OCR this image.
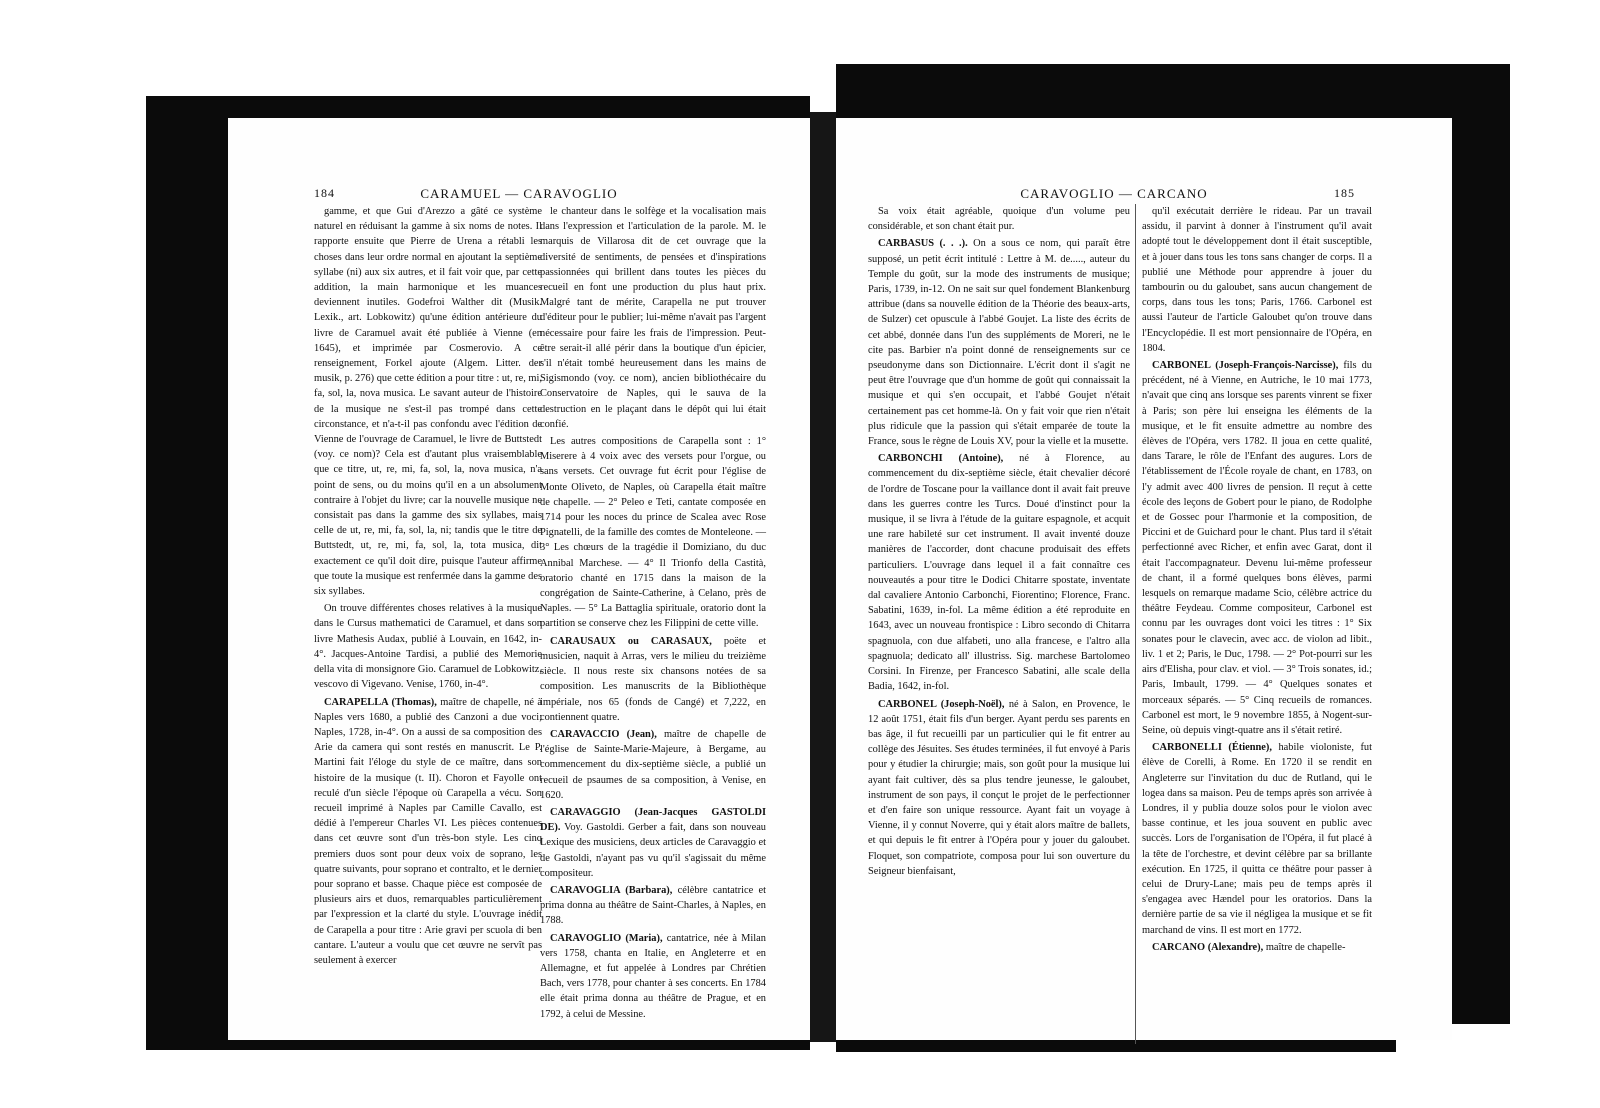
184	CARAMUEL — CARAVOGLIO

gamme, et que Gui d'Arezzo a gâté ce système naturel en réduisant la gamme à six noms de notes. Il rapporte ensuite que Pierre de Urena a rétabli les choses dans leur ordre normal en ajoutant la septième syllabe (ni) aux six autres, et il fait voir que, par cette addition, la main harmonique et les muances deviennent inutiles. Godefroi Walther dit (Musik. Lexik., art. Lobkowitz) qu'une édition antérieure du livre de Caramuel avait été publiée à Vienne (en 1645), et imprimée par Cosmerovio. A ce renseignement, Forkel ajoute (Algem. Litter. der musik, p. 276) que cette édition a pour titre : ut, re, mi, fa, sol, la, nova musica. Le savant auteur de l'histoire de la musique ne s'est-il pas trompé dans cette circonstance, et n'a-t-il pas confondu avec l'édition de Vienne de l'ouvrage de Caramuel, le livre de Buttstedt (voy. ce nom)? Cela est d'autant plus vraisemblable que ce titre, ut, re, mi, fa, sol, la, nova musica, n'a point de sens, ou du moins qu'il en a un absolument contraire à l'objet du livre; car la nouvelle musique ne consistait pas dans la gamme des six syllabes, mais celle de ut, re, mi, fa, sol, la, ni; tandis que le titre de Buttstedt, ut, re, mi, fa, sol, la, tota musica, dit exactement ce qu'il doit dire, puisque l'auteur affirme que toute la musique est renfermée dans la gamme des six syllabes.

On trouve différentes choses relatives à la musique dans le Cursus mathematici de Caramuel, et dans son livre Mathesis Audax, publié à Louvain, en 1642, in-4°. Jacques-Antoine Tardisi, a publié des Memorie della vita di monsignore Gio. Caramuel de Lobkowitz, vescovo di Vigevano. Venise, 1760, in-4°.

CARAPELLA (Thomas), maître de chapelle, né à Naples vers 1680, a publié des Canzoni a due voci; Naples, 1728, in-4°. On a aussi de sa composition des Arie da camera qui sont restés en manuscrit. Le P. Martini fait l'éloge du style de ce maître, dans son histoire de la musique (t. II). Choron et Fayolle ont reculé d'un siècle l'époque où Carapella a vécu. Son recueil imprimé à Naples par Camille Cavallo, est dédié à l'empereur Charles VI. Les pièces contenues dans cet œuvre sont d'un très-bon style. Les cinq premiers duos sont pour deux voix de soprano, les quatre suivants, pour soprano et contralto, et le dernier pour soprano et basse. Chaque pièce est composée de plusieurs airs et duos, remarquables particulièrement par l'expression et la clarté du style. L'ouvrage inédit de Carapella a pour titre : Arie gravi per scuola di ben cantare. L'auteur a voulu que cet œuvre ne servît pas seulement à exercer

le chanteur dans le solfège et la vocalisation mais dans l'expression et l'articulation de la parole. M. le marquis de Villarosa dit de cet ouvrage que la diversité de sentiments, de pensées et d'inspirations passionnées qui brillent dans toutes les pièces du recueil en font une production du plus haut prix. Malgré tant de mérite, Carapella ne put trouver d'éditeur pour le publier; lui-même n'avait pas l'argent nécessaire pour faire les frais de l'impression. Peut-être serait-il allé périr dans la boutique d'un épicier, s'il n'était tombé heureusement dans les mains de Sigismondo (voy. ce nom), ancien bibliothécaire du Conservatoire de Naples, qui le sauva de la destruction en le plaçant dans le dépôt qui lui était confié.

Les autres compositions de Carapella sont : 1° Miserere à 4 voix avec des versets pour l'orgue, ou sans versets. Cet ouvrage fut écrit pour l'église de Monte Oliveto, de Naples, où Carapella était maître de chapelle. — 2° Peleo e Teti, cantate composée en 1714 pour les noces du prince de Scalea avec Rose Pignatelli, de la famille des comtes de Monteleone. — 3° Les chœurs de la tragédie il Domiziano, du duc Annibal Marchese. — 4° Il Trionfo della Castità, oratorio chanté en 1715 dans la maison de la congrégation de Sainte-Catherine, à Celano, près de Naples. — 5° La Battaglia spirituale, oratorio dont la partition se conserve chez les Filippini de cette ville.

CARAUSAUX ou CARASAUX, poëte et musicien, naquit à Arras, vers le milieu du treizième siècle. Il nous reste six chansons notées de sa composition. Les manuscrits de la Bibliothèque impériale, nos 65 (fonds de Cangé) et 7,222, en contiennent quatre.

CARAVACCIO (Jean), maître de chapelle de l'église de Sainte-Marie-Majeure, à Bergame, au commencement du dix-septième siècle, a publié un recueil de psaumes de sa composition, à Venise, en 1620.

CARAVAGGIO (Jean-Jacques GASTOLDI DE). Voy. Gastoldi. Gerber a fait, dans son nouveau Lexique des musiciens, deux articles de Caravaggio et de Gastoldi, n'ayant pas vu qu'il s'agissait du même compositeur.

CARAVOGLIA (Barbara), célèbre cantatrice et prima donna au théâtre de Saint-Charles, à Naples, en 1788.

CARAVOGLIO (Maria), cantatrice, née à Milan vers 1758, chanta en Italie, en Angleterre et en Allemagne, et fut appelée à Londres par Chrétien Bach, vers 1778, pour chanter à ses concerts. En 1784 elle était prima donna au théâtre de Prague, et en 1792, à celui de Messine.

CARAVOGLIO — CARCANO	185

Sa voix était agréable, quoique d'un volume peu considérable, et son chant était pur.

CARBASUS (. . .). On a sous ce nom, qui paraît être supposé, un petit écrit intitulé : Lettre à M. de....., auteur du Temple du goût, sur la mode des instruments de musique; Paris, 1739, in-12. On ne sait sur quel fondement Blankenburg attribue (dans sa nouvelle édition de la Théorie des beaux-arts, de Sulzer) cet opuscule à l'abbé Goujet. La liste des écrits de cet abbé, donnée dans l'un des suppléments de Moreri, ne le cite pas. Barbier n'a point donné de renseignements sur ce pseudonyme dans son Dictionnaire. L'écrit dont il s'agit ne peut être l'ouvrage que d'un homme de goût qui connaissait la musique et qui s'en occupait, et l'abbé Goujet n'était certainement pas cet homme-là. On y fait voir que rien n'était plus ridicule que la passion qui s'était emparée de toute la France, sous le règne de Louis XV, pour la vielle et la musette.

CARBONCHI (Antoine), né à Florence, au commencement du dix-septième siècle, était chevalier décoré de l'ordre de Toscane pour la vaillance dont il avait fait preuve dans les guerres contre les Turcs. Doué d'instinct pour la musique, il se livra à l'étude de la guitare espagnole, et acquit une rare habileté sur cet instrument. Il avait inventé douze manières de l'accorder, dont chacune produisait des effets particuliers. L'ouvrage dans lequel il a fait connaître ces nouveautés a pour titre le Dodici Chitarre spostate, inventate dal cavaliere Antonio Carbonchi, Fiorentino; Florence, Franc. Sabatini, 1639, in-fol. La même édition a été reproduite en 1643, avec un nouveau frontispice : Libro secondo di Chitarra spagnuola, con due alfabeti, uno alla francese, e l'altro alla spagnuola; dedicato all' illustriss. Sig. marchese Bartolomeo Corsini. In Firenze, per Francesco Sabatini, alle scale della Badia, 1642, in-fol.

CARBONEL (Joseph-Noël), né à Salon, en Provence, le 12 août 1751, était fils d'un berger. Ayant perdu ses parents en bas âge, il fut recueilli par un particulier qui le fit entrer au collège des Jésuites. Ses études terminées, il fut envoyé à Paris pour y étudier la chirurgie; mais, son goût pour la musique lui ayant fait cultiver, dès sa plus tendre jeunesse, le galoubet, instrument de son pays, il conçut le projet de le perfectionner et d'en faire son unique ressource. Ayant fait un voyage à Vienne, il y connut Noverre, qui y était alors maître de ballets, et qui depuis le fit entrer à l'Opéra pour y jouer du galoubet. Floquet, son compatriote, composa pour lui son ouverture du Seigneur bienfaisant,

qu'il exécutait derrière le rideau. Par un travail assidu, il parvint à donner à l'instrument qu'il avait adopté tout le développement dont il était susceptible, et à jouer dans tous les tons sans changer de corps. Il a publié une Méthode pour apprendre à jouer du tambourin ou du galoubet, sans aucun changement de corps, dans tous les tons; Paris, 1766. Carbonel est aussi l'auteur de l'article Galoubet qu'on trouve dans l'Encyclopédie. Il est mort pensionnaire de l'Opéra, en 1804.

CARBONEL (Joseph-François-Narcisse), fils du précédent, né à Vienne, en Autriche, le 10 mai 1773, n'avait que cinq ans lorsque ses parents vinrent se fixer à Paris; son père lui enseigna les éléments de la musique, et le fit ensuite admettre au nombre des élèves de l'Opéra, vers 1782. Il joua en cette qualité, dans Tarare, le rôle de l'Enfant des augures. Lors de l'établissement de l'École royale de chant, en 1783, on l'y admit avec 400 livres de pension. Il reçut à cette école des leçons de Gobert pour le piano, de Rodolphe et de Gossec pour l'harmonie et la composition, de Piccini et de Guichard pour le chant. Plus tard il s'était perfectionné avec Richer, et enfin avec Garat, dont il était l'accompagnateur. Devenu lui-même professeur de chant, il a formé quelques bons élèves, parmi lesquels on remarque madame Scio, célèbre actrice du théâtre Feydeau. Comme compositeur, Carbonel est connu par les ouvrages dont voici les titres : 1° Six sonates pour le clavecin, avec acc. de violon ad libit., liv. 1 et 2; Paris, le Duc, 1798. — 2° Pot-pourri sur les airs d'Elisha, pour clav. et viol. — 3° Trois sonates, id.; Paris, Imbault, 1799. — 4° Quelques sonates et morceaux séparés. — 5° Cinq recueils de romances. Carbonel est mort, le 9 novembre 1855, à Nogent-sur-Seine, où depuis vingt-quatre ans il s'était retiré.

CARBONELLI (Étienne), habile violoniste, fut élève de Corelli, à Rome. En 1720 il se rendit en Angleterre sur l'invitation du duc de Rutland, qui le logea dans sa maison. Peu de temps après son arrivée à Londres, il y publia douze solos pour le violon avec basse continue, et les joua souvent en public avec succès. Lors de l'organisation de l'Opéra, il fut placé à la tête de l'orchestre, et devint célèbre par sa brillante exécution. En 1725, il quitta ce théâtre pour passer à celui de Drury-Lane; mais peu de temps après il s'engagea avec Hændel pour les oratorios. Dans la dernière partie de sa vie il négligea la musique et se fit marchand de vins. Il est mort en 1772.

CARCANO (Alexandre), maître de chapelle-
